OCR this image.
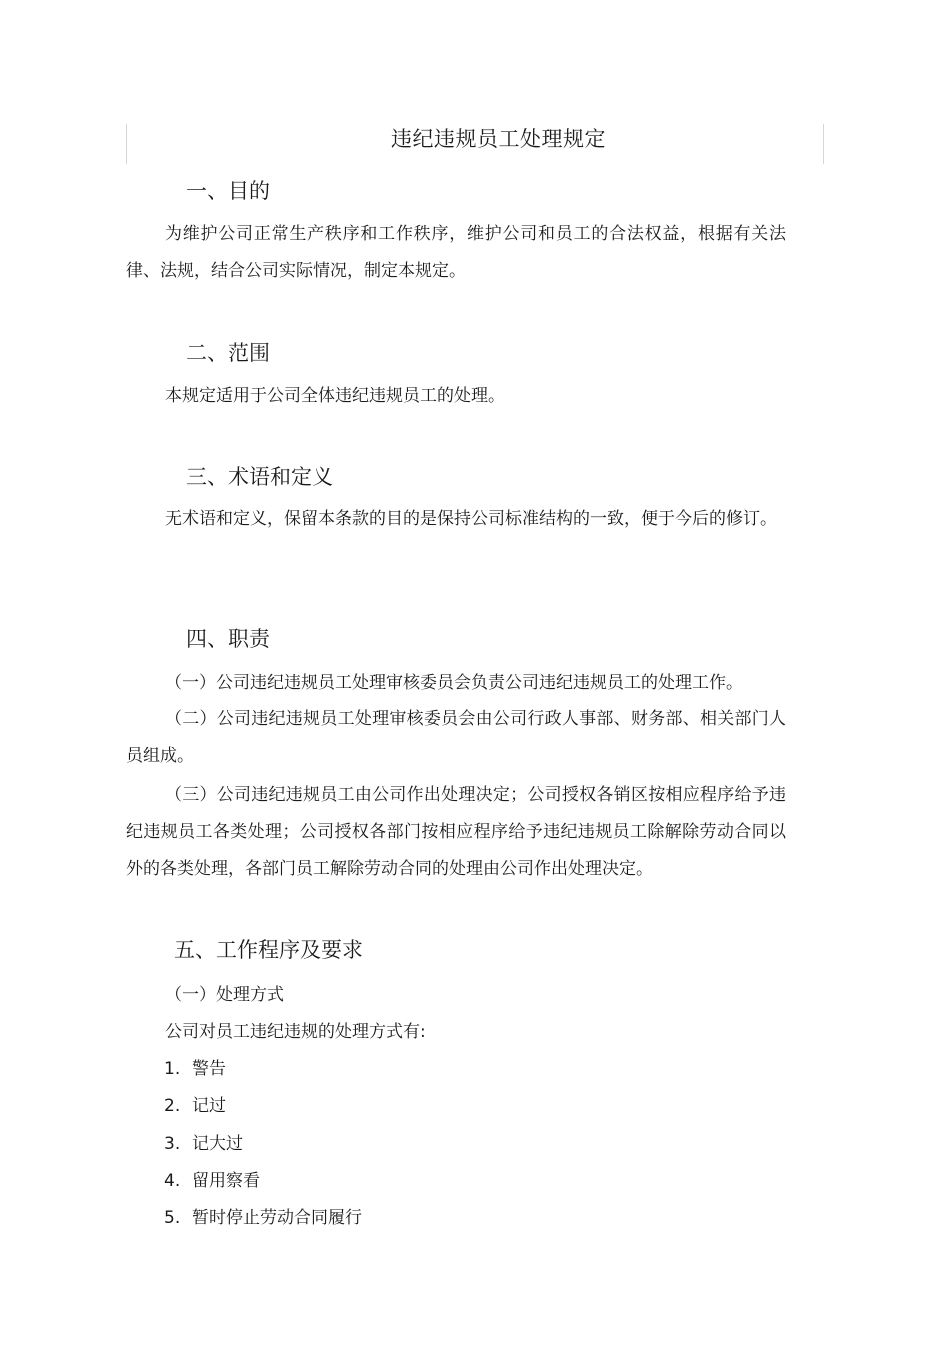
违纪违规员工处理规定
一、目的
为维护公司正常生产秩序和工作秩序，维护公司和员工的合法权益，根据有关法律、法规，结合公司实际情况，制定本规定。
二、范围
本规定适用于公司全体违纪违规员工的处理。
三、术语和定义
无术语和定义，保留本条款的目的是保持公司标准结构的一致，便于今后的修订。
四、职责
（一）公司违纪违规员工处理审核委员会负责公司违纪违规员工的处理工作。
（二）公司违纪违规员工处理审核委员会由公司行政人事部、财务部、相关部门人员组成。
（三）公司违纪违规员工由公司作出处理决定；公司授权各销区按相应程序给予违纪违规员工各类处理；公司授权各部门按相应程序给予违纪违规员工除解除劳动合同以外的各类处理，各部门员工解除劳动合同的处理由公司作出处理决定。
五、工作程序及要求
（一）处理方式
公司对员工违纪违规的处理方式有:
1. 警告
2. 记过
3. 记大过
4. 留用察看
5. 暂时停止劳动合同履行
